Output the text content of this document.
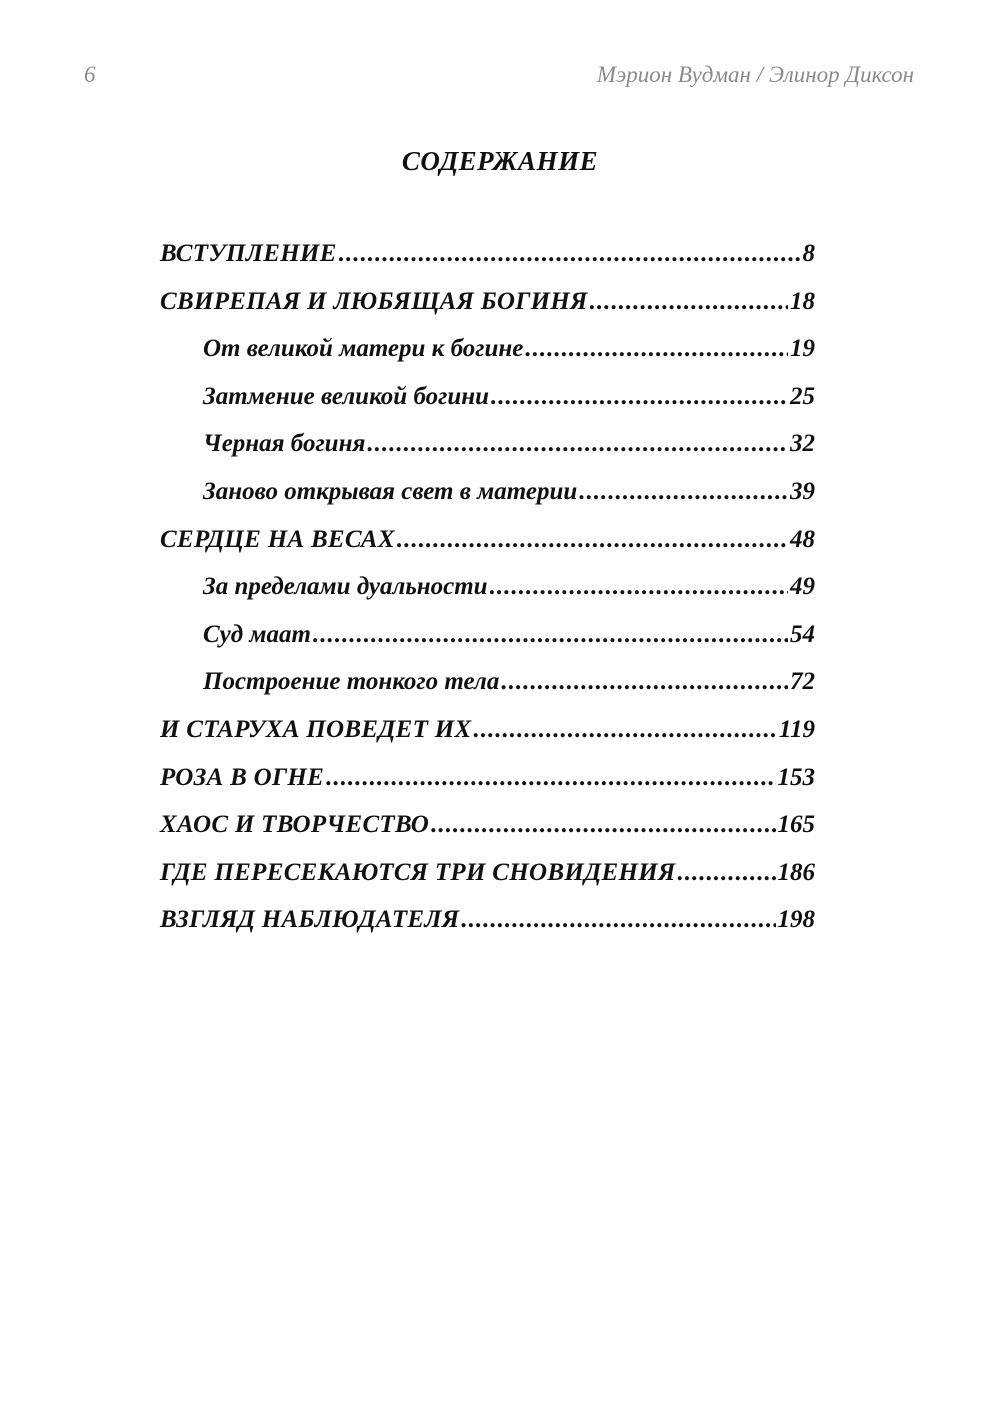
6	Мэрион Вудман / Элинор Диксон
СОДЕРЖАНИЕ
ВСТУПЛЕНИЕ .....	8
СВИРЕПАЯ И ЛЮБЯЩАЯ БОГИНЯ .....	18
От великой матери к богине .....	19
Затмение великой богини .....	25
Черная богиня .....	32
Заново открывая свет в материи .....	39
СЕРДЦЕ НА ВЕСАХ .....	48
За пределами дуальности .....	49
Суд маат .....	54
Построение тонкого тела .....	72
И СТАРУХА ПОВЕДЕТ ИХ .....	119
РОЗА В ОГНЕ .....	153
ХАОС И ТВОРЧЕСТВО .....	165
ГДЕ ПЕРЕСЕКАЮТСЯ ТРИ СНОВИДЕНИЯ .....	186
ВЗГЛЯД НАБЛЮДАТЕЛЯ .....	198
